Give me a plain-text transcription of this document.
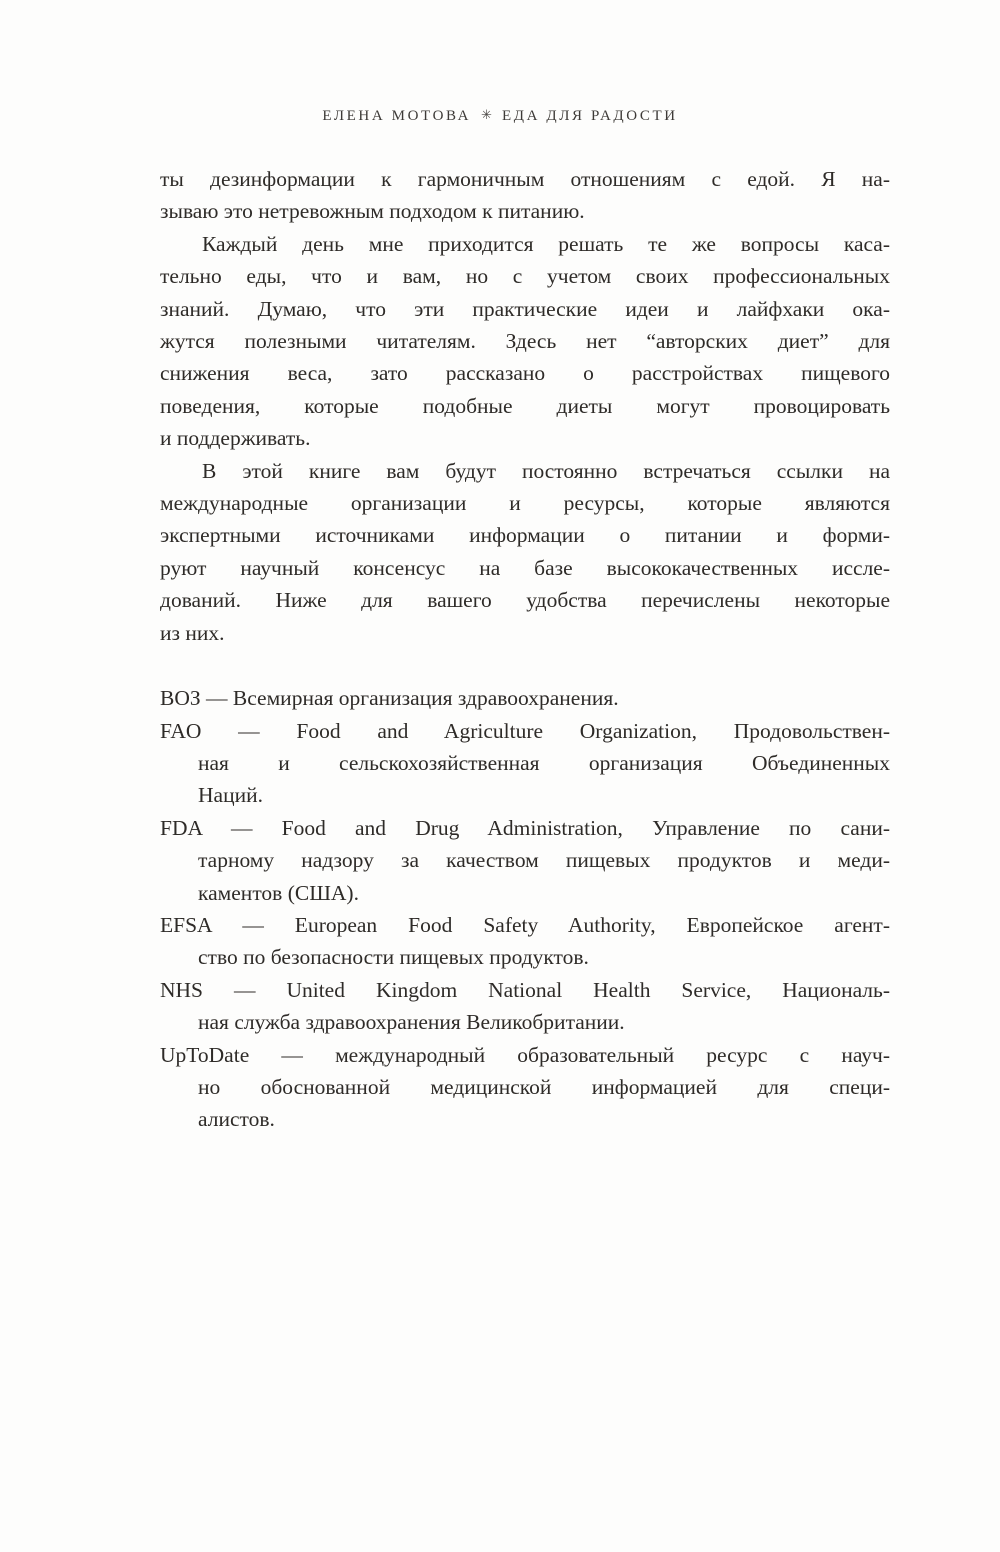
ЕЛЕНА МОТОВА ✳ ЕДА ДЛЯ РАДОСТИ
ты дезинформации к гармоничным отношениям с едой. Я на-
зываю это нетревожным подходом к питанию.
Каждый день мне приходится решать те же вопросы каса-
тельно еды, что и вам, но с учетом своих профессиональных
знаний. Думаю, что эти практические идеи и лайфхаки ока-
жутся полезными читателям. Здесь нет “авторских диет” для
снижения веса, зато рассказано о расстройствах пищевого
поведения, которые подобные диеты могут провоцировать
и поддерживать.
В этой книге вам будут постоянно встречаться ссылки на
международные организации и ресурсы, которые являются
экспертными источниками информации о питании и форми-
руют научный консенсус на базе высококачественных иссле-
дований. Ниже для вашего удобства перечислены некоторые
из них.
ВОЗ — Всемирная организация здравоохранения.
FAO — Food and Agriculture Organization, Продовольствен-
ная и сельскохозяйственная организация Объединенных
Наций.
FDA — Food and Drug Administration, Управление по сани-
тарному надзору за качеством пищевых продуктов и меди-
каментов (США).
EFSA — European Food Safety Authority, Европейское агент-
ство по безопасности пищевых продуктов.
NHS — United Kingdom National Health Service, Националь-
ная служба здравоохранения Великобритании.
UpToDate — международный образовательный ресурс с науч-
но обоснованной медицинской информацией для специ-
алистов.
